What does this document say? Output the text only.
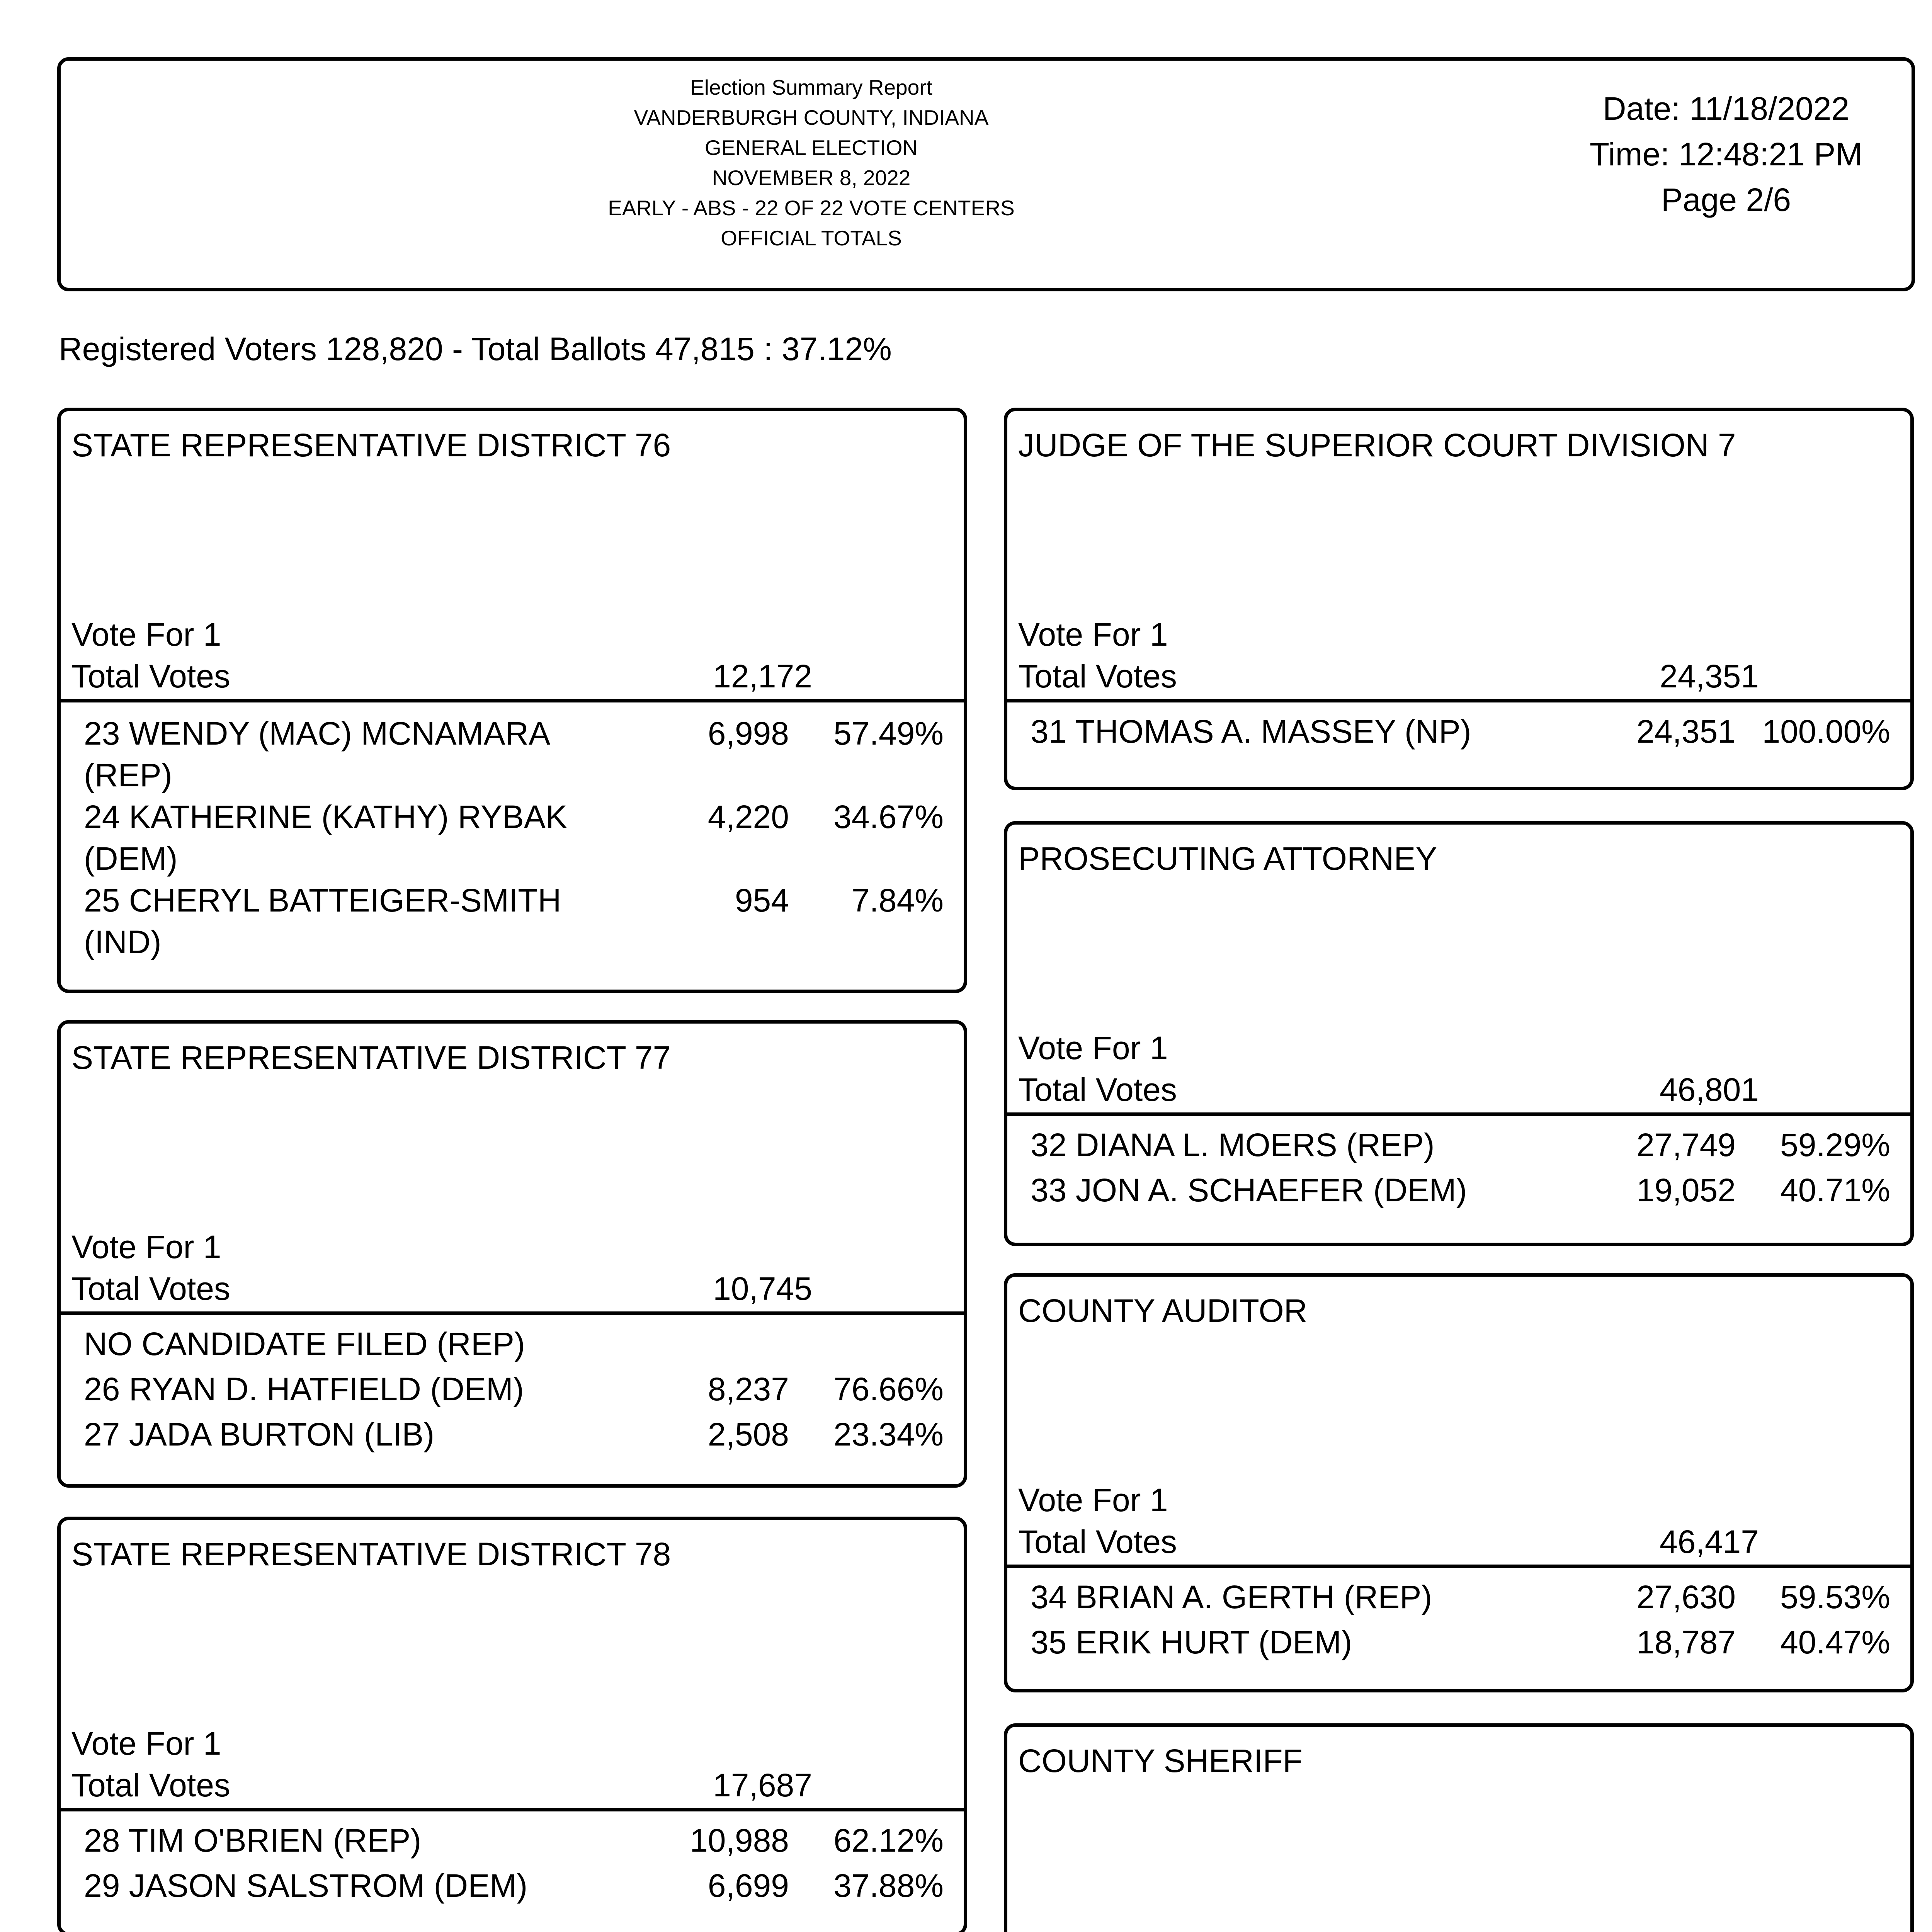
Election Summary Report
VANDERBURGH COUNTY, INDIANA
GENERAL ELECTION
NOVEMBER 8, 2022
EARLY - ABS - 22 OF 22 VOTE CENTERS
OFFICIAL TOTALS
Date: 11/18/2022
Time: 12:48:21 PM
Page 2/6
Registered Voters 128,820 - Total Ballots 47,815 : 37.12%
STATE REPRESENTATIVE DISTRICT 76
Vote For 1
Total Votes	12,172
23 WENDY (MAC) MCNAMARA
(REP)
6,998	57.49%
24 KATHERINE (KATHY) RYBAK
(DEM)
4,220	34.67%
25 CHERYL BATTEIGER-SMITH
(IND)
954	7.84%
STATE REPRESENTATIVE DISTRICT 77
Vote For 1
Total Votes	10,745
NO CANDIDATE FILED (REP)
26 RYAN D. HATFIELD (DEM)	8,237	76.66%
27 JADA BURTON (LIB)	2,508	23.34%
STATE REPRESENTATIVE DISTRICT 78
Vote For 1
Total Votes	17,687
28 TIM O'BRIEN (REP)	10,988	62.12%
29 JASON SALSTROM (DEM)	6,699	37.88%
JUDGE OF THE SUPERIOR COURT DIVISION 7
Vote For 1
Total Votes	24,351
31 THOMAS A. MASSEY (NP)	24,351 100.00%
PROSECUTING ATTORNEY
Vote For 1
Total Votes	46,801
32 DIANA L. MOERS (REP)	27,749	59.29%
33 JON A. SCHAEFER (DEM)	19,052	40.71%
COUNTY AUDITOR
Vote For 1
Total Votes	46,417
34 BRIAN A. GERTH (REP)	27,630	59.53%
35 ERIK HURT (DEM)	18,787	40.47%
COUNTY SHERIFF
